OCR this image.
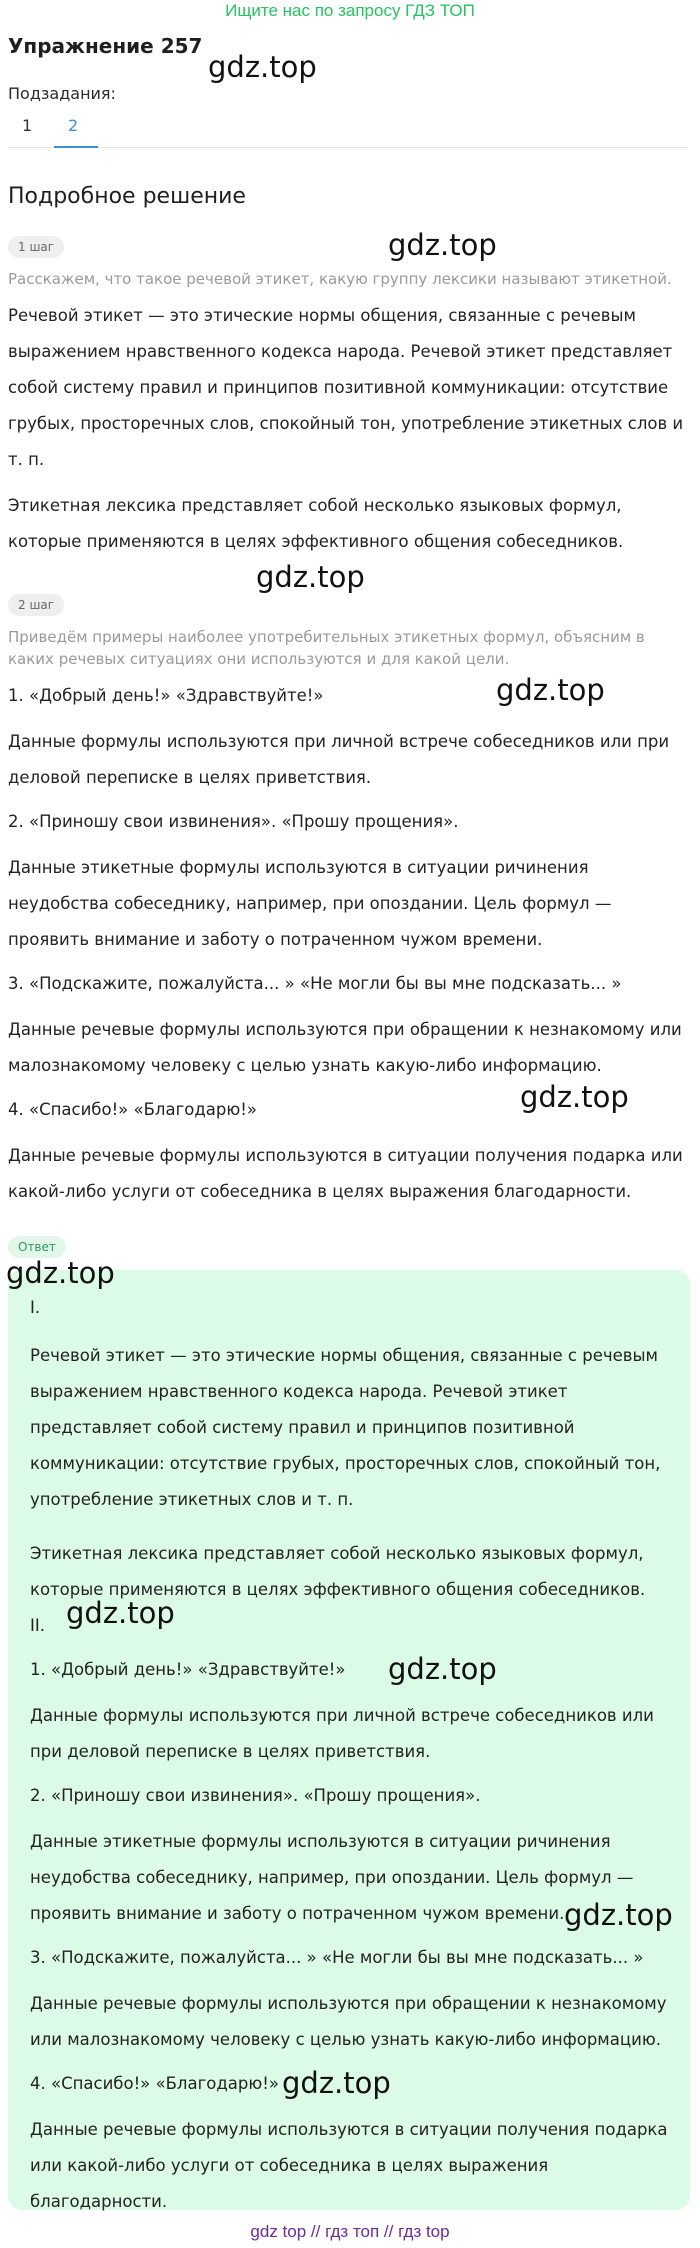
Ищите нас по запросу ГДЗ ТОП
Упражнение 257
gdz.top
Подзадания:
1 2
Подробное решение
1 шаг	gdz.top
Расскажем, что такое речевой этикет, какую группу лексики называют этикетной.
Речевой этикет — это этические нормы общения, связанные с речевым выражением нравственного кодекса народа. Речевой этикет представляет собой систему правил и принципов позитивной коммуникации: отсутствие грубых, просторечных слов, спокойный тон, употребление этикетных слов и т. п.
Этикетная лексика представляет собой несколько языковых формул, которые применяются в целях эффективного общения собеседников.
gdz.top
2 шаг
Приведём примеры наиболее употребительных этикетных формул, объясним в каких речевых ситуациях они используются и для какой цели.
gdz.top
1. «Добрый день!» «Здравствуйте!»
Данные формулы используются при личной встрече собеседников или при деловой переписке в целях приветствия.
2. «Приношу свои извинения». «Прошу прощения».
Данные этикетные формулы используются в ситуации ричинения неудобства собеседнику, например, при опоздании. Цель формул — проявить внимание и заботу о потраченном чужом времени.
3. «Подскажите, пожалуйста... » «Не могли бы вы мне подсказать... »
Данные речевые формулы используются при обращении к незнакомому или малознакомому человеку с целью узнать какую-либо информацию.
gdz.top
4. «Спасибо!» «Благодарю!»
Данные речевые формулы используются в ситуации получения подарка или какой-либо услуги от собеседника в целях выражения благодарности.
Ответ
gdz.top
I.
Речевой этикет — это этические нормы общения, связанные с речевым выражением нравственного кодекса народа. Речевой этикет представляет собой систему правил и принципов позитивной коммуникации: отсутствие грубых, просторечных слов, спокойный тон, употребление этикетных слов и т. п.
Этикетная лексика представляет собой несколько языковых формул, которые применяются в целях эффективного общения собеседников.
II. gdz.top
gdz.top
1. «Добрый день!» «Здравствуйте!»
Данные формулы используются при личной встрече собеседников или при деловой переписке в целях приветствия.
2. «Приношу свои извинения». «Прошу прощения».
Данные этикетные формулы используются в ситуации ричинения неудобства собеседнику, например, при опоздании. Цель формул — проявить внимание и заботу о потраченном чужом времени. gdz.top
3. «Подскажите, пожалуйста... » «Не могли бы вы мне подсказать... »
Данные речевые формулы используются при обращении к незнакомому или малознакомому человеку с целью узнать какую-либо информацию.
gdz.top
4. «Спасибо!» «Благодарю!»
Данные речевые формулы используются в ситуации получения подарка или какой-либо услуги от собеседника в целях выражения благодарности.
gdz top // гдз топ // гдз top
